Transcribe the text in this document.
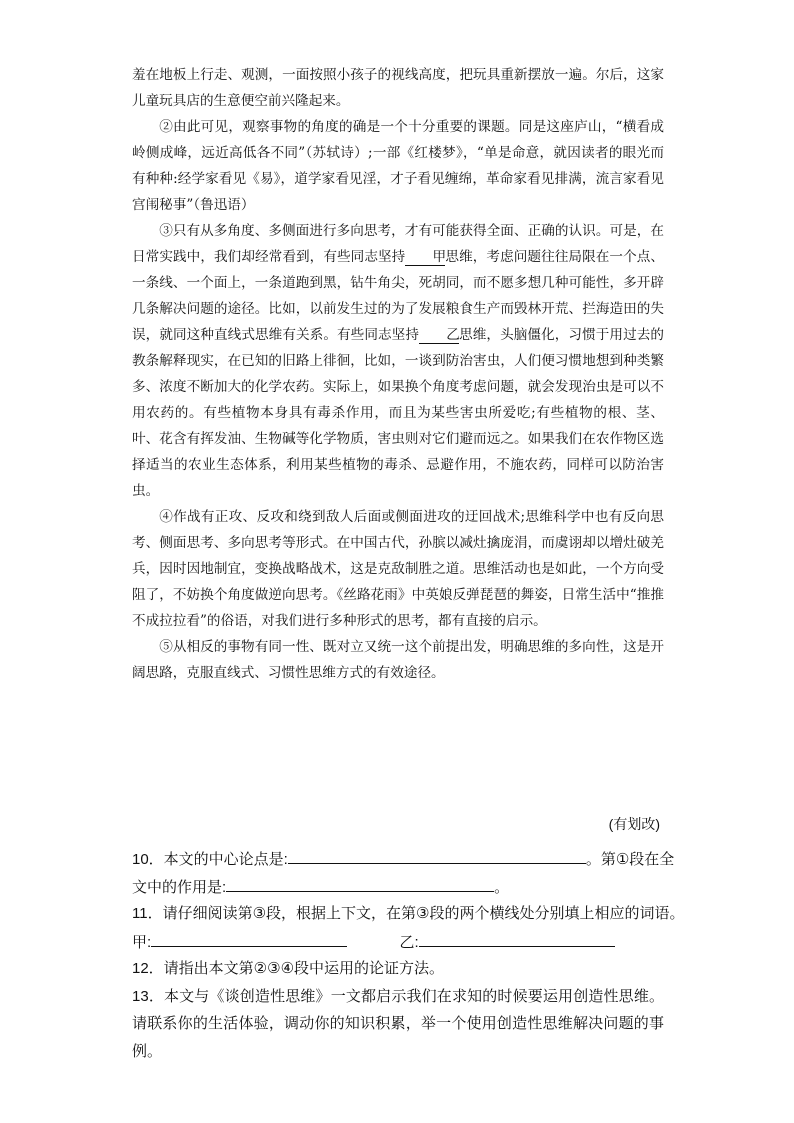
羞在地板上行走、观测，一面按照小孩子的视线高度，把玩具重新摆放一遍。尔后，这家儿童玩具店的生意便空前兴隆起来。

②由此可见，观察事物的角度的确是一个十分重要的课题。同是这座庐山，“横看成岭侧成峰，远近高低各不同”（苏轼诗）;一部《红楼梦》，“单是命意，就因读者的眼光而有种种:经学家看见《易》，道学家看见淫，才子看见缠绵，革命家看见排满，流言家看见宫闱秘事”（鲁迅语）

③只有从多角度、多侧面进行多向思考，才有可能获得全面、正确的认识。可是，在日常实践中，我们却经常看到，有些同志坚持 甲思维，考虑问题往往局限在一个点、一条线、一个面上，一条道跑到黑，钻牛角尖，死胡同，而不愿多想几种可能性，多开辟几条解决问题的途径。比如，以前发生过的为了发展粮食生产而毁林开荒、拦海造田的失误，就同这种直线式思维有关系。有些同志坚持 乙思维，头脑僵化，习惯于用过去的教条解释现实，在已知的旧路上徘徊，比如，一谈到防治害虫，人们便习惯地想到种类繁多、浓度不断加大的化学农药。实际上，如果换个角度考虑问题，就会发现治虫是可以不用农药的。有些植物本身具有毒杀作用，而且为某些害虫所爱吃;有些植物的根、茎、叶、花含有挥发油、生物碱等化学物质，害虫则对它们避而远之。如果我们在农作物区选择适当的农业生态体系，利用某些植物的毒杀、忌避作用，不施农药，同样可以防治害虫。

④作战有正攻、反攻和绕到敌人后面或侧面进攻的迂回战术;思维科学中也有反向思考、侧面思考、多向思考等形式。在中国古代，孙膑以减灶擒庞涓，而虞诩却以增灶破羌兵，因时因地制宜，变换战略战术，这是克敌制胜之道。思维活动也是如此，一个方向受阻了，不妨换个角度做逆向思考。《丝路花雨》中英娘反弹琵琶的舞姿，日常生活中“推推不成拉拉看”的俗语，对我们进行多种形式的思考，都有直接的启示。

⑤从相反的事物有同一性、既对立又统一这个前提出发，明确思维的多向性，这是开阔思路，克服直线式、习惯性思维方式的有效途径。

(有划改)
10．本文的中心论点是:	。第①段在全
文中的作用是:	。
11．请仔细阅读第③段，根据上下文，在第③段的两个横线处分别填上相应的词语。
甲:	乙:
12．请指出本文第②③④段中运用的论证方法。
13．本文与《谈创造性思维》一文都启示我们在求知的时候要运用创造性思维。请联系你的生活体验，调动你的知识积累，举一个使用创造性思维解决问题的事例。
